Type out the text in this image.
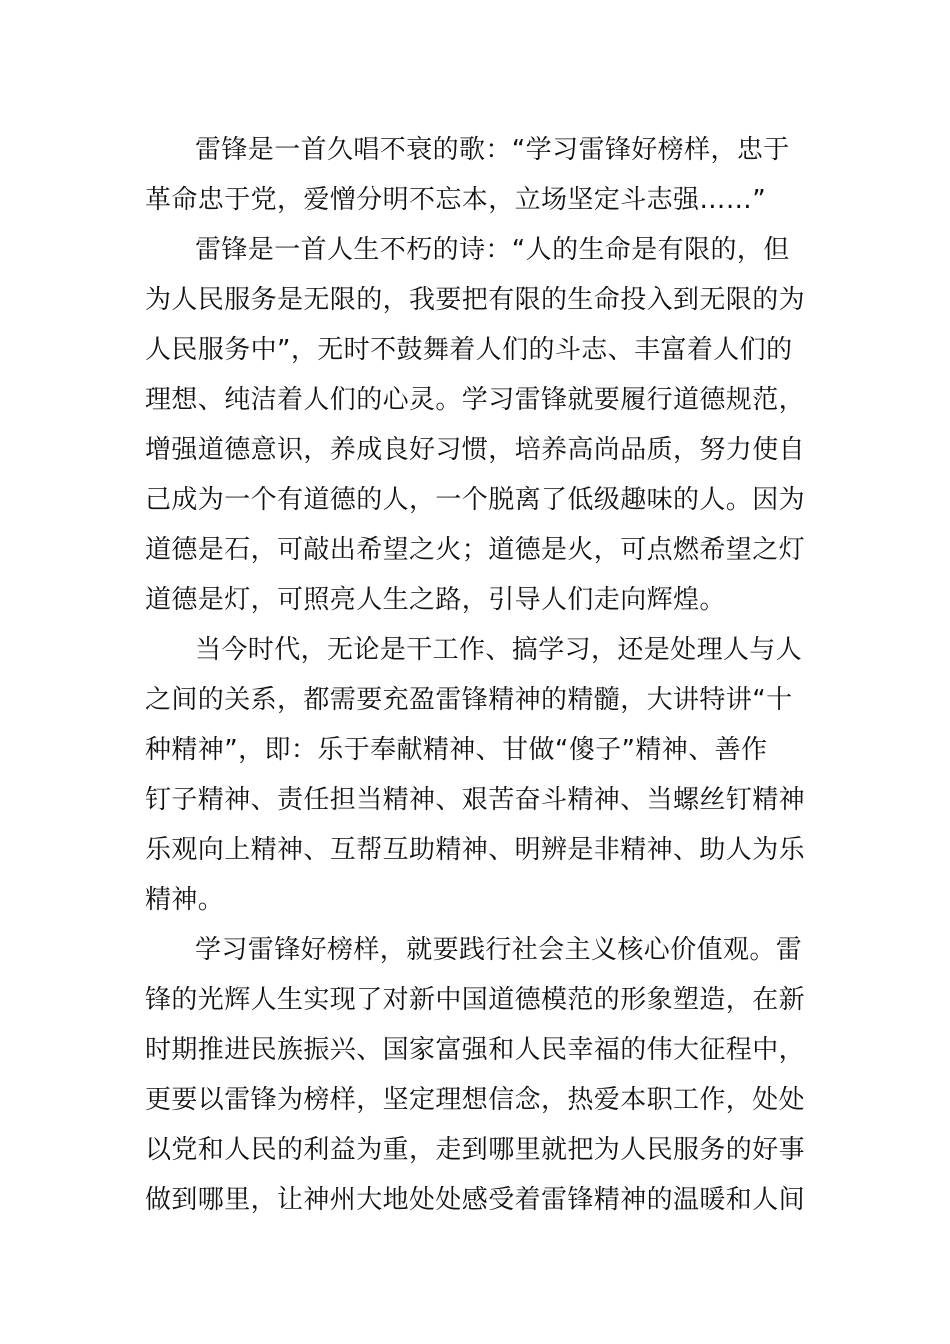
雷锋是一首久唱不衰的歌：“学习雷锋好榜样，忠于
革命忠于党，爱憎分明不忘本，立场坚定斗志强……”
雷锋是一首人生不朽的诗：“人的生命是有限的，但
为人民服务是无限的，我要把有限的生命投入到无限的为
人民服务中”，无时不鼓舞着人们的斗志、丰富着人们的
理想、纯洁着人们的心灵。学习雷锋就要履行道德规范，
增强道德意识，养成良好习惯，培养高尚品质，努力使自
己成为一个有道德的人，一个脱离了低级趣味的人。因为
道德是石，可敲出希望之火；道德是火，可点燃希望之灯
道德是灯，可照亮人生之路，引导人们走向辉煌。
当今时代，无论是干工作、搞学习，还是处理人与人
之间的关系，都需要充盈雷锋精神的精髓，大讲特讲“十
种精神”，即：乐于奉献精神、甘做“傻子”精神、善作
钉子精神、责任担当精神、艰苦奋斗精神、当螺丝钉精神
乐观向上精神、互帮互助精神、明辨是非精神、助人为乐
精神。
学习雷锋好榜样，就要践行社会主义核心价值观。雷
锋的光辉人生实现了对新中国道德模范的形象塑造，在新
时期推进民族振兴、国家富强和人民幸福的伟大征程中，
更要以雷锋为榜样，坚定理想信念，热爱本职工作，处处
以党和人民的利益为重，走到哪里就把为人民服务的好事
做到哪里，让神州大地处处感受着雷锋精神的温暖和人间
